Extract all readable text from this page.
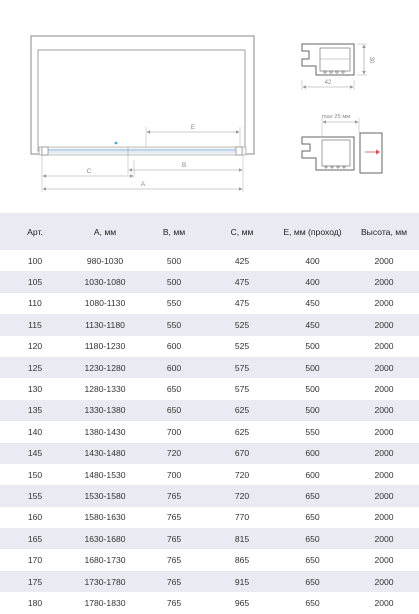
E
B
C
A
42
30
max 25 мм
Арт.	A, мм	B, мм	C, мм	E, мм (проход)	Высота, мм
100	980-1030	500	425	400	2000
105	1030-1080	500	475	400	2000
110	1080-1130	550	475	450	2000
115	1130-1180	550	525	450	2000
120	1180-1230	600	525	500	2000
125	1230-1280	600	575	500	2000
130	1280-1330	650	575	500	2000
135	1330-1380	650	625	500	2000
140	1380-1430	700	625	550	2000
145	1430-1480	720	670	600	2000
150	1480-1530	700	720	600	2000
155	1530-1580	765	720	650	2000
160	1580-1630	765	770	650	2000
165	1630-1680	765	815	650	2000
170	1680-1730	765	865	650	2000
175	1730-1780	765	915	650	2000
180	1780-1830	765	965	650	2000
